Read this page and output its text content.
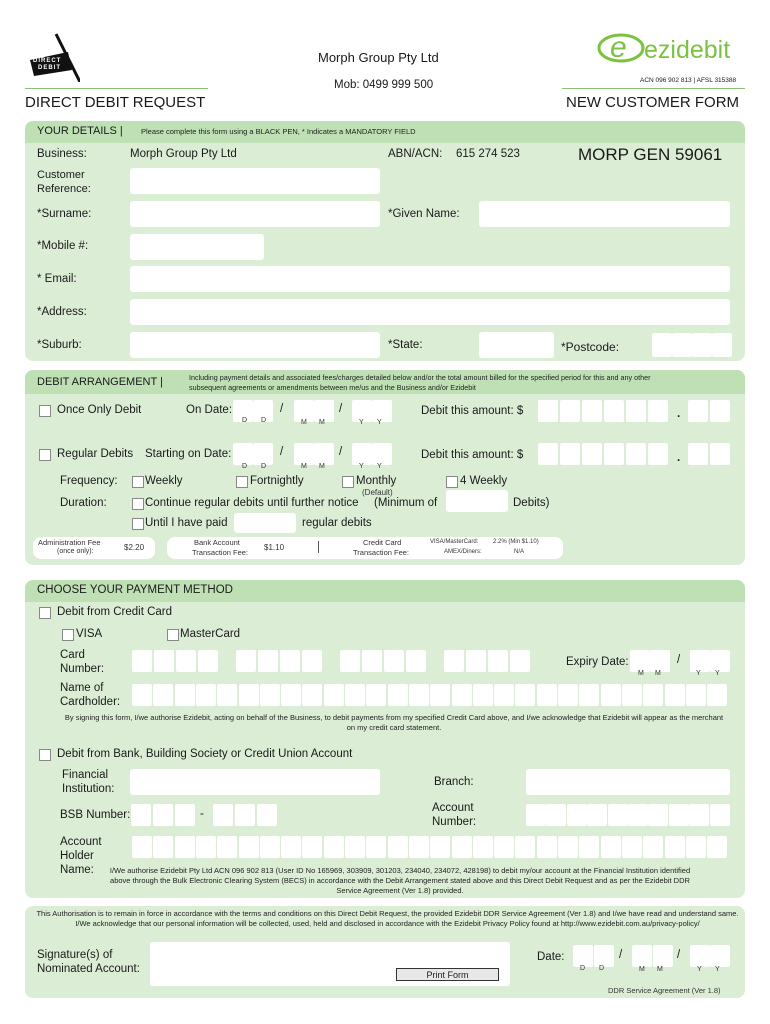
DIRECT
DEBIT
Morph Group Pty Ltd
Mob: 0499 999 500
DIRECT DEBIT REQUEST	NEW CUSTOMER FORM
e ezidebit
ACN 096 902 813 | AFSL 315388
YOUR DETAILS | Please complete this form using a BLACK PEN, * Indicates a MANDATORY FIELD
Business:	Morph Group Pty Ltd	ABN/ACN: 615 274 523	MORP GEN 59061
Customer Reference:
*Surname:	*Given Name:
*Mobile #:
* Email:
*Address:
*Suburb:	*State:	*Postcode:
DEBIT ARRANGEMENT |	Including payment details and associated fees/charges detailed below and/or the total amount billed for the specified period for this and any other subsequent agreements or amendments between me/us and the Business and/or Ezidebit
Once Only Debit	On Date:	/	/
D D	M M	Y Y
Debit this amount: $	.
Regular Debits Starting on Date:	/	/
D D	M M	Y Y
Debit this amount: $	.
Frequency: Weekly	Fortnightly	Monthly
(Default)
4 Weekly
Duration:	Continue regular debits until further notice (Minimum of	Debits)
Until I have paid	regular debits
Administration Fee
(once only):	$2.20
Bank Account
Transaction Fee:
$1.10
Credit Card
Transaction Fee:
VISA/MasterCard: 2.2% (Min $1.10)
AMEX/Diners:	N/A
CHOOSE YOUR PAYMENT METHOD
Debit from Credit Card
VISA	MasterCard
Card Number:
Expiry Date:	/
M M	Y Y
Name of Cardholder:
By signing this form, I/we authorise Ezidebit, acting on behalf of the Business, to debit payments from my specified Credit Card above, and I/we acknowledge that Ezidebit will appear as the merchant on my credit card statement.
Debit from Bank, Building Society or Credit Union Account
Financial Institution:
Branch:
BSB Number:	-	Account Number:
Account Holder Name:	I/We authorise Ezidebit Pty Ltd ACN 096 902 813 (User ID No 165969, 303909, 301203, 234040, 234072, 428198) to debit my/our account at the Financial Institution identified above through the Bulk Electronic Clearing System (BECS) in accordance with the Debit Arrangement stated above and this Direct Debit Request and as per the Ezidebit DDR Service Agreement (Ver 1.8) provided.
This Authorisation is to remain in force in accordance with the terms and conditions on this Direct Debit Request, the provided Ezidebit DDR Service Agreement (Ver 1.8) and I/we have read and understand same. I/We acknowledge that our personal information will be collected, used, held and disclosed in accordance with the Ezidebit Privacy Policy found at http://www.ezidebit.com.au/privacy-policy/
Signature(s) of Nominated Account:	Print Form
Date:	/	/
D D	M M	Y Y
DDR Service Agreement (Ver 1.8)
